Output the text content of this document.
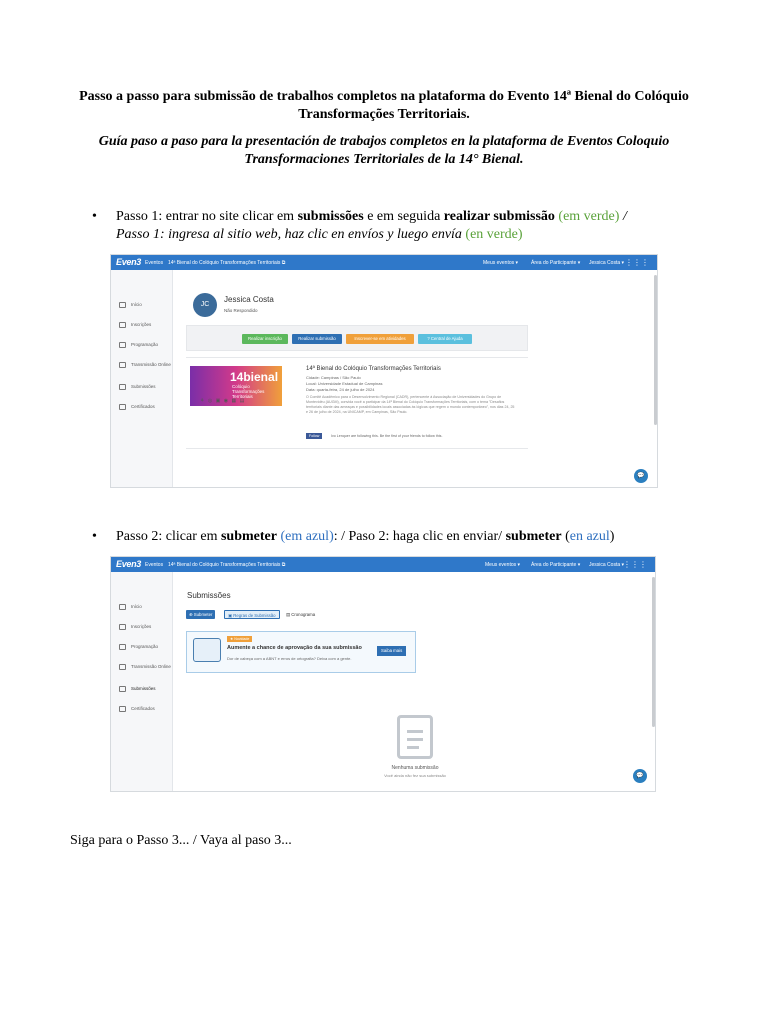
Passo a passo para submissão de trabalhos completos na plataforma do Evento 14ª Bienal do Colóquio Transformações Territoriais.
Guía paso a paso para la presentación de trabajos completos en la plataforma de Eventos Coloquio Transformaciones Territoriales de la 14° Bienal.
• Passo 1: entrar no site clicar em submissões e em seguida realizar submissão (em verde) /
Passo 1: ingresa al sitio web, haz clic en envíos y luego envía (en verde)
Even3 Eventos 14ª Bienal do Colóquio Transformações Territoriais ⧉	Meus eventos ▾	Área do Participante ▾ Jessica Costa ▾ ⋮⋮⋮
Início
Inscrições
Programação
Transmissão Online
Submissões
Certificados
JC
Jessica Costa
Não Respondido
Realizar inscrição	Realizar submissão	Inscrever-se em atividades	? Central de Ajuda
14bienal
Colóquio Transformações Territoriais
⚘ ◎ ▣ ◉ ▦ ▤
14ª Bienal do Colóquio Transformações Territoriais
Cidade: Campinas / São Paulo
Local: Universidade Estadual de Campinas
Data: quarta-feira, 24 de julho de 2024
O Comitê Acadêmico para o Desenvolvimento Regional (CADR), pertencente à Associação de Universidades do Grupo de Montevidéu (AUGM), convida você a participar da 14ª Bienal do Colóquio Transformações Territoriais, com o tema "Desafios territoriais diante das ameaças e possibilidades locais associadas às lógicas que regem o mundo contemporâneo", nos dias 24, 25 e 26 de julho de 2024, na UNICAMP, em Campinas, São Paulo.
Follow	Ivo Lenquer are following this. Be the first of your friends to follow this.
💬
• Passo 2: clicar em submeter (em azul): / Paso 2: haga clic en enviar/ submeter (en azul)
Even3 Eventos 14ª Bienal do Colóquio Transformações Territoriais ⧉	Meus eventos ▾ Área do Participante ▾ Jessica Costa ▾
⋮⋮⋮
Início
Inscrições
Programação
Transmissão Online
Submissões
Certificados
Submissões
⊕ Submeter	▣ Regras de Submissão	▤ Cronograma
★ Novidade
Aumente a chance de aprovação da sua submissão
Dor de cabeça com a ABNT e erros de ortografia? Deixa com a gente.
Saiba mais
Nenhuma submissão
Você ainda não fez sua submissão	💬
Siga para o Passo 3... / Vaya al paso 3...
